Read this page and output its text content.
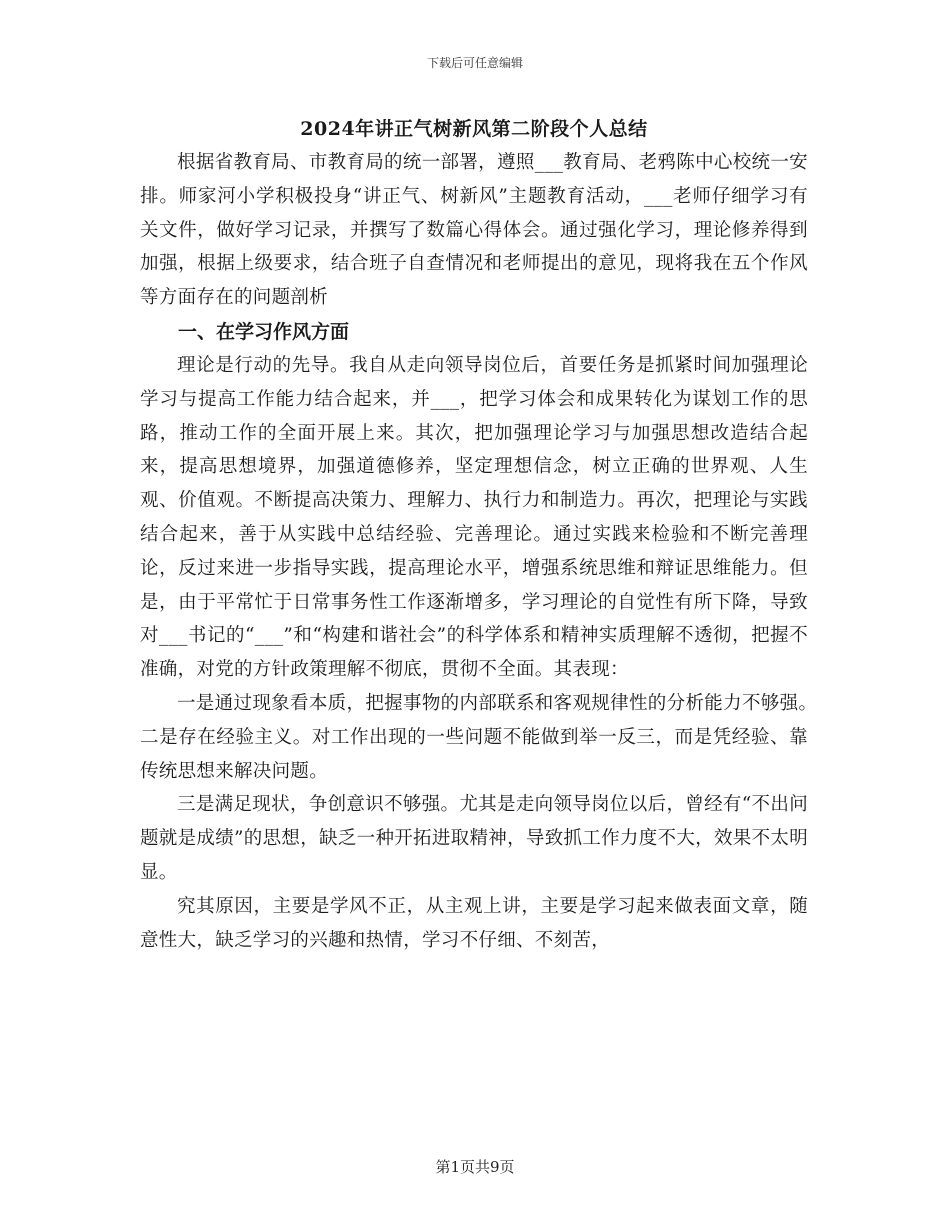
下载后可任意编辑
2024年讲正气树新风第二阶段个人总结

根据省教育局、市教育局的统一部署，遵照___教育局、老鸦陈中心校统一安排。师家河小学积极投身“讲正气、树新风”主题教育活动，___老师仔细学习有关文件，做好学习记录，并撰写了数篇心得体会。通过强化学习，理论修养得到加强，根据上级要求，结合班子自查情况和老师提出的意见，现将我在五个作风等方面存在的问题剖析

一、在学习作风方面

理论是行动的先导。我自从走向领导岗位后，首要任务是抓紧时间加强理论学习与提高工作能力结合起来，并___，把学习体会和成果转化为谋划工作的思路，推动工作的全面开展上来。其次，把加强理论学习与加强思想改造结合起来，提高思想境界，加强道德修养，坚定理想信念，树立正确的世界观、人生观、价值观。不断提高决策力、理解力、执行力和制造力。再次，把理论与实践结合起来，善于从实践中总结经验、完善理论。通过实践来检验和不断完善理论，反过来进一步指导实践，提高理论水平，增强系统思维和辩证思维能力。但是，由于平常忙于日常事务性工作逐渐增多，学习理论的自觉性有所下降，导致对___书记的“___”和“构建和谐社会”的科学体系和精神实质理解不透彻，把握不准确，对党的方针政策理解不彻底，贯彻不全面。其表现：

一是通过现象看本质，把握事物的内部联系和客观规律性的分析能力不够强。　二是存在经验主义。对工作出现的一些问题不能做到举一反三，而是凭经验、靠传统思想来解决问题。

三是满足现状，争创意识不够强。尤其是走向领导岗位以后，曾经有“不出问题就是成绩”的思想，缺乏一种开拓进取精神，导致抓工作力度不大，效果不太明显。

究其原因，主要是学风不正，从主观上讲，主要是学习起来做表面文章，随意性大，缺乏学习的兴趣和热情，学习不仔细、不刻苦，

第1页共9页
